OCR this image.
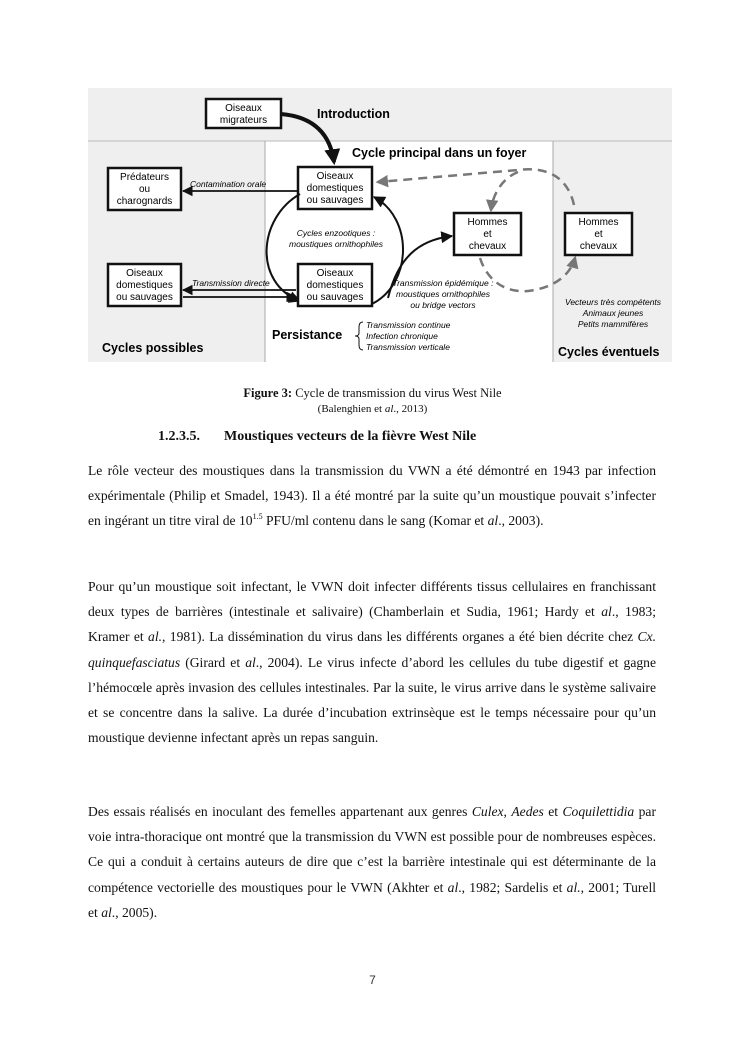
Oiseaux
migrateurs	Introduction
Cycle principal dans un foyer
Oiseaux
domestiques
ou sauvages
Prédateurs
ou
charognards
Contamination orale
Cycles enzootiques :
moustiques ornithophiles
Oiseaux
domestiques
ou sauvages
Oiseaux
domestiques
ou sauvages
Transmission directe
Hommes
et
chevaux
Transmission épidémique :
moustiques ornithophiles
ou bridge vectors
Hommes
et
chevaux
Vecteurs très compétents
Animaux jeunes
Petits mammifères
Cycles possibles	Cycles éventuels
Persistance
Transmission continue
Infection chronique
Transmission verticale
Figure 3: Cycle de transmission du virus West Nile
(Balenghien et al., 2013)
1.2.3.5. Moustiques vecteurs de la fièvre West Nile
Le rôle vecteur des moustiques dans la transmission du VWN a été démontré en 1943 par infection expérimentale (Philip et Smadel, 1943). Il a été montré par la suite qu’un moustique pouvait s’infecter en ingérant un titre viral de $10^{1.5}$ PFU/ml contenu dans le sang (Komar et al., 2003).
Pour qu’un moustique soit infectant, le VWN doit infecter différents tissus cellulaires en franchissant deux types de barrières (intestinale et salivaire) (Chamberlain et Sudia, 1961; Hardy et al., 1983; Kramer et al., 1981). La dissémination du virus dans les différents organes a été bien décrite chez Cx. quinquefasciatus (Girard et al., 2004). Le virus infecte d’abord les cellules du tube digestif et gagne l’hémocœle après invasion des cellules intestinales. Par la suite, le virus arrive dans le système salivaire et se concentre dans la salive. La durée d’incubation extrinsèque est le temps nécessaire pour qu’un moustique devienne infectant après un repas sanguin.
Des essais réalisés en inoculant des femelles appartenant aux genres Culex, Aedes et Coquilettidia par voie intra-thoracique ont montré que la transmission du VWN est possible pour de nombreuses espèces. Ce qui a conduit à certains auteurs de dire que c’est la barrière intestinale qui est déterminante de la compétence vectorielle des moustiques pour le VWN (Akhter et al., 1982; Sardelis et al., 2001; Turell et al., 2005).
7
